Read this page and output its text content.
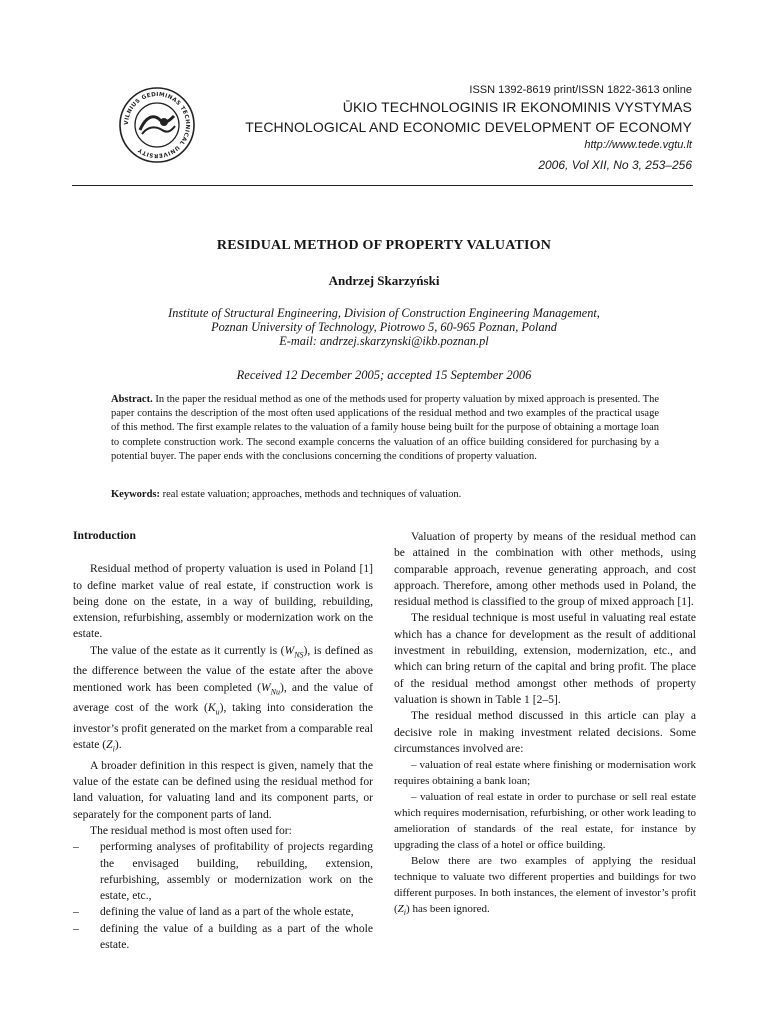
VILNIUS GEDIMINAS TECHNICAL UNIVERSITY
ISSN 1392-8619 print/ISSN 1822-3613 online
ŪKIO TECHNOLOGINIS IR EKONOMINIS VYSTYMAS
TECHNOLOGICAL AND ECONOMIC DEVELOPMENT OF ECONOMY
http://www.tede.vgtu.lt
2006, Vol XII, No 3, 253–256
RESIDUAL METHOD OF PROPERTY VALUATION
Andrzej Skarzyński
Institute of Structural Engineering, Division of Construction Engineering Management,
Poznan University of Technology, Piotrowo 5, 60-965 Poznan, Poland
E-mail: andrzej.skarzynski@ikb.poznan.pl
Received 12 December 2005; accepted 15 September 2006
Abstract. In the paper the residual method as one of the methods used for property valuation by mixed approach is presented. The paper contains the description of the most often used applications of the residual method and two examples of the practical usage of this method. The first example relates to the valuation of a family house being built for the purpose of obtaining a mortage loan to complete construction work. The second example concerns the valuation of an office building considered for purchasing by a potential buyer. The paper ends with the conclusions concerning the conditions of property valuation.
Keywords: real estate valuation; approaches, methods and techniques of valuation.
Introduction

Residual method of property valuation is used in Poland [1] to define market value of real estate, if construction work is being done on the estate, in a way of building, rebuilding, extension, refurbishing, assembly or modernization work on the estate.

The value of the estate as it currently is $(W_{NS})$, is defined as the difference between the value of the estate after the above mentioned work has been completed $(W_{Nu})$, and the value of average cost of the work $(K_u)$, taking into consideration the investor’s profit generated on the market from a comparable real estate $(Z_i)$.

A broader definition in this respect is given, namely that the value of the estate can be defined using the residual method for land valuation, for valuating land and its component parts, or separately for the component parts of land.

The residual method is most often used for:

– performing analyses of profitability of projects regarding the envisaged building, rebuilding, extension, refurbishing, assembly or modernization work on the estate, etc.,
– defining the value of land as a part of the whole estate,
– defining the value of a building as a part of the whole estate.

Valuation of property by means of the residual method can be attained in the combination with other methods, using comparable approach, revenue generating approach, and cost approach. Therefore, among other methods used in Poland, the residual method is classified to the group of mixed approach [1].

The residual technique is most useful in valuating real estate which has a chance for development as the result of additional investment in rebuilding, extension, modernization, etc., and which can bring return of the capital and bring profit. The place of the residual method amongst other methods of property valuation is shown in Table 1 [2–5].

The residual method discussed in this article can play a decisive role in making investment related decisions. Some circumstances involved are:

– valuation of real estate where finishing or modernisation work requires obtaining a bank loan;

– valuation of real estate in order to purchase or sell real estate which requires modernisation, refurbishing, or other work leading to amelioration of standards of the real estate, for instance by upgrading the class of a hotel or office building.

Below there are two examples of applying the residual technique to valuate two different properties and buildings for two different purposes. In both instances, the element of investor’s profit $(Z_i)$ has been ignored.
